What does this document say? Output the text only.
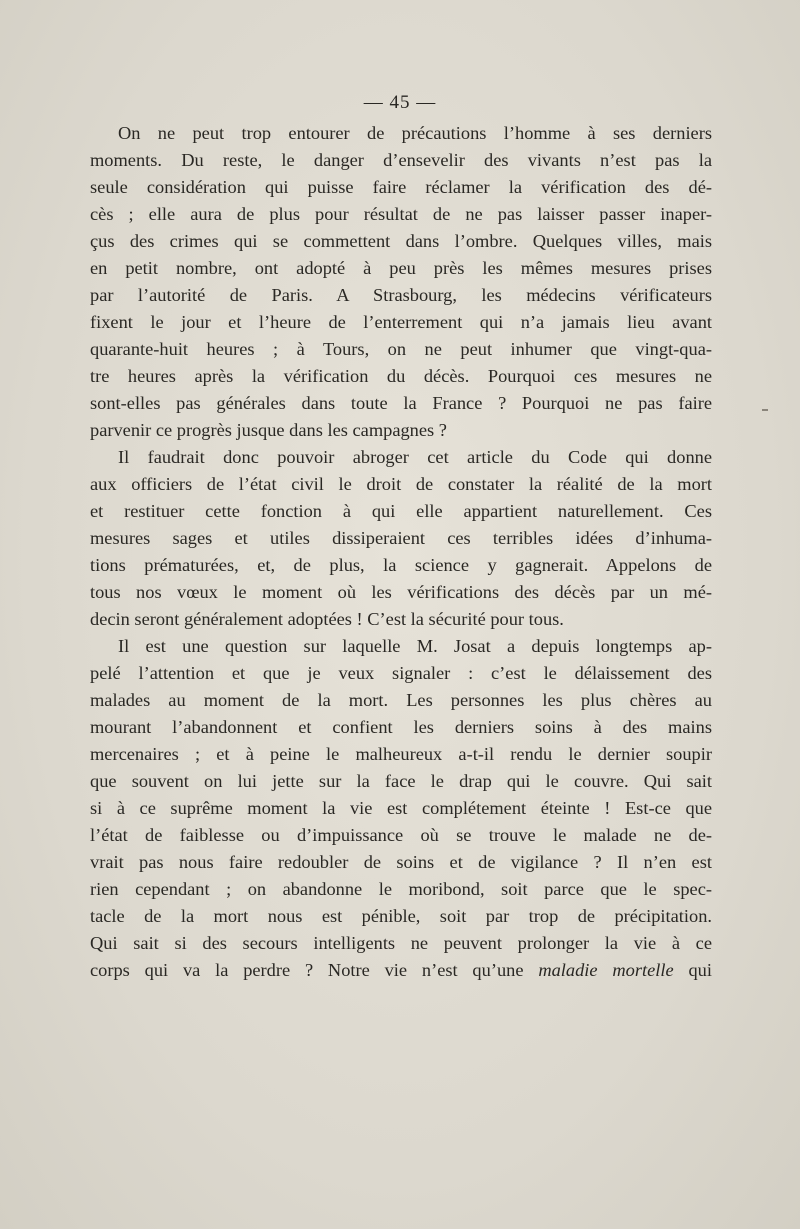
— 45 —
On ne peut trop entourer de précautions l’homme à ses derniers
moments. Du reste, le danger d’ensevelir des vivants n’est pas la
seule considération qui puisse faire réclamer la vérification des dé-
cès ; elle aura de plus pour résultat de ne pas laisser passer inaper-
çus des crimes qui se commettent dans l’ombre. Quelques villes, mais
en petit nombre, ont adopté à peu près les mêmes mesures prises
par l’autorité de Paris. A Strasbourg, les médecins vérificateurs
fixent le jour et l’heure de l’enterrement qui n’a jamais lieu avant
quarante-huit heures ; à Tours, on ne peut inhumer que vingt-qua-
tre heures après la vérification du décès. Pourquoi ces mesures ne
sont-elles pas générales dans toute la France ? Pourquoi ne pas faire
parvenir ce progrès jusque dans les campagnes ?
Il faudrait donc pouvoir abroger cet article du Code qui donne
aux officiers de l’état civil le droit de constater la réalité de la mort
et restituer cette fonction à qui elle appartient naturellement. Ces
mesures sages et utiles dissiperaient ces terribles idées d’inhuma-
tions prématurées, et, de plus, la science y gagnerait. Appelons de
tous nos vœux le moment où les vérifications des décès par un mé-
decin seront généralement adoptées ! C’est la sécurité pour tous.
Il est une question sur laquelle M. Josat a depuis longtemps ap-
pelé l’attention et que je veux signaler : c’est le délaissement des
malades au moment de la mort. Les personnes les plus chères au
mourant l’abandonnent et confient les derniers soins à des mains
mercenaires ; et à peine le malheureux a-t-il rendu le dernier soupir
que souvent on lui jette sur la face le drap qui le couvre. Qui sait
si à ce suprême moment la vie est complétement éteinte ! Est-ce que
l’état de faiblesse ou d’impuissance où se trouve le malade ne de-
vrait pas nous faire redoubler de soins et de vigilance ? Il n’en est
rien cependant ; on abandonne le moribond, soit parce que le spec-
tacle de la mort nous est pénible, soit par trop de précipitation.
Qui sait si des secours intelligents ne peuvent prolonger la vie à ce
corps qui va la perdre ? Notre vie n’est qu’une maladie mortelle qui
